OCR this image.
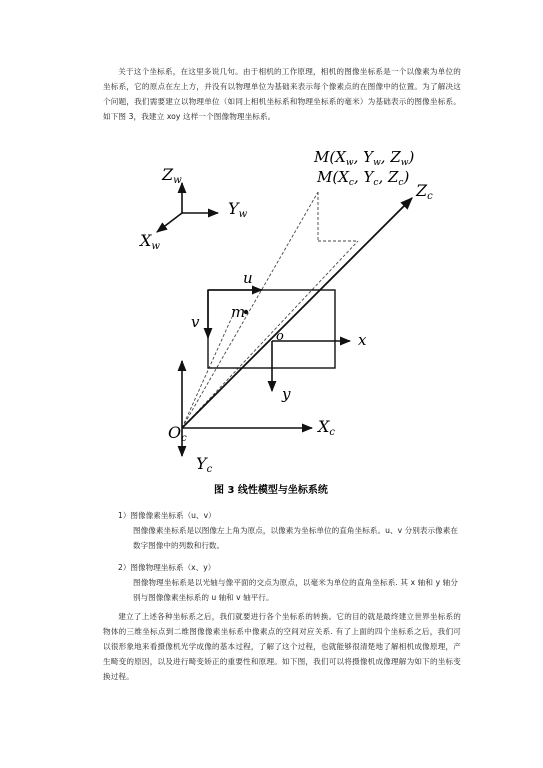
关于这个坐标系，在这里多说几句。由于相机的工作原理，相机的图像坐标系是一个以像素为单位的坐标系，它的原点在左上方，并没有以物理单位为基础来表示每个像素点的在图像中的位置。为了解决这个问题，我们需要建立以物理单位（如同上相机坐标系和物理坐标系的毫米）为基础表示的图像坐标系。如下图 3，我建立 xoy 这样一个图像物理坐标系。

Zw
Yw
Xw
$M(X_w$, $Y_w$, $Z_w$)
$M(X_c$, $Y_c$, $Z_c$)
Zc
u
v
m
x
y
o
Oc
Xc
Yc
图 3 线性模型与坐标系统

1）图像像素坐标系（u、v）

图像像素坐标系是以图像左上角为原点，以像素为坐标单位的直角坐标系。u、v 分别表示像素在数字图像中的列数和行数。

2）图像物理坐标系（x、y）

图像物理坐标系是以光轴与像平面的交点为原点，以毫米为单位的直角坐标系. 其 x 轴和 y 轴分别与图像像素坐标系的 u 轴和 v 轴平行。

建立了上述各种坐标系之后，我们就要进行各个坐标系的转换。它的目的就是最终建立世界坐标系的物体的三维坐标点到二维图像像素坐标系中像素点的空间对应关系. 有了上面的四个坐标系之后，我们可以很形象地来看摄像机光学成像的基本过程，了解了这个过程，也就能够很清楚地了解相机成像原理，产生畸变的原因，以及进行畸变矫正的重要性和原理。如下图，我们可以将摄像机成像理解为如下的坐标变换过程。
